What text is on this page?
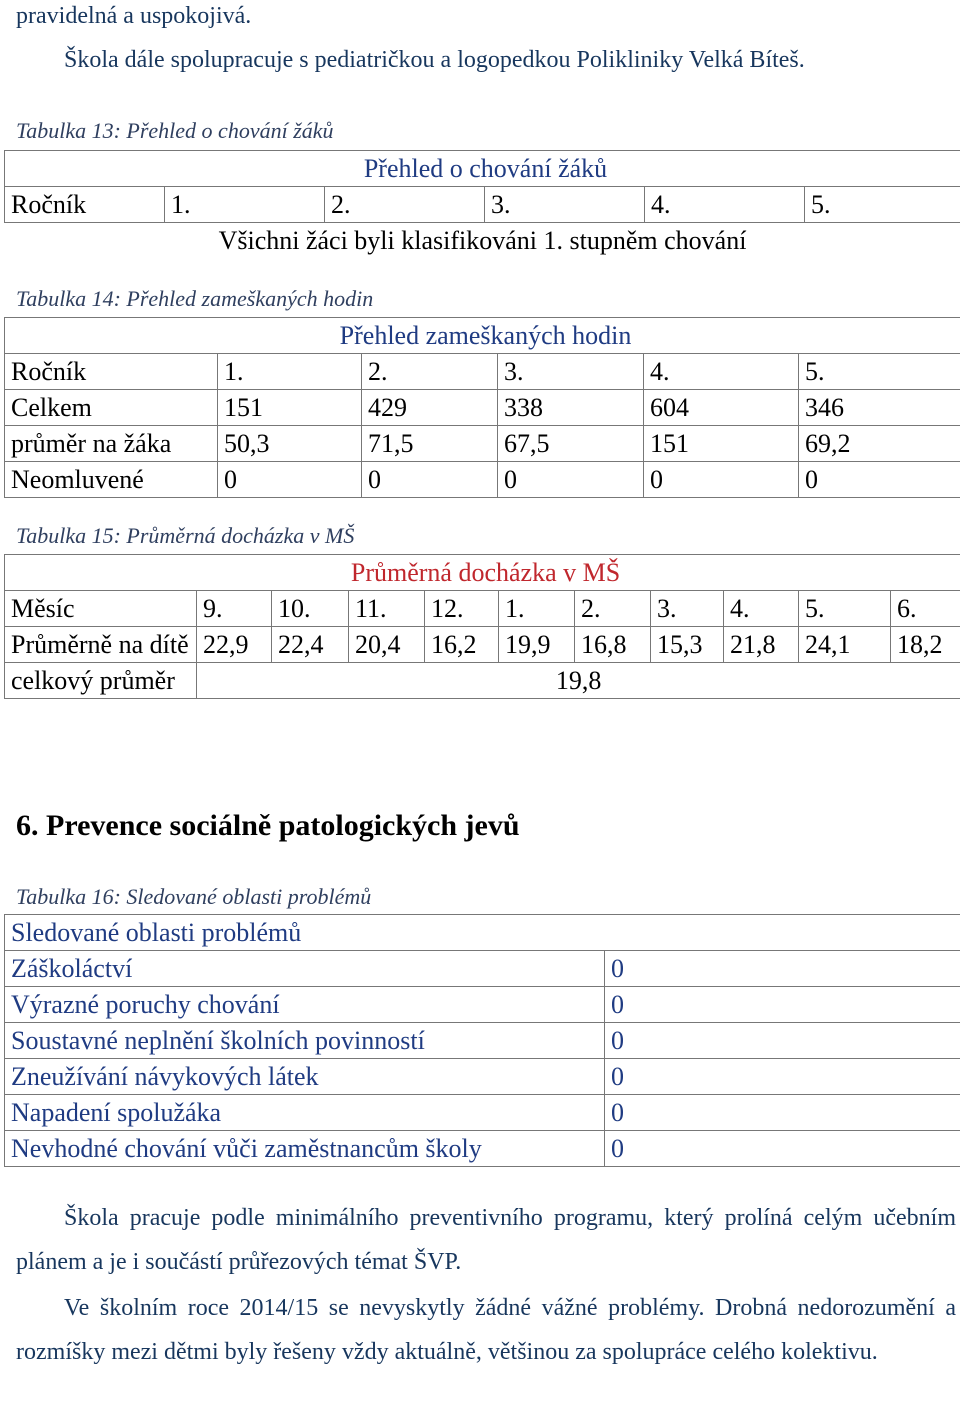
pravidelná a uspokojivá.
Škola dále spolupracuje s pediatričkou a logopedkou Polikliniky Velká Bíteš.
Tabulka 13: Přehled o chování žáků
Přehled o chování žáků
Ročník	1.	2.	3.	4.	5.
Všichni žáci byli klasifikováni 1. stupněm chování
Tabulka 14: Přehled zameškaných hodin
Přehled zameškaných hodin					
Ročník	1.	2.	3.	4.	5.
Celkem	151	429	338	604	346
průměr na žáka	50,3	71,5	67,5	151	69,2
Neomluvené	0	0	0	0	0
Tabulka 15: Průměrná docházka v MŠ
Průměrná docházka v MŠ										
Měsíc	9.	10.	11.	12.	1.	2.	3.	4.	5.	6.
Průměrně na dítě	22,9	22,4	20,4	16,2	19,9	16,8	15,3	21,8	24,1	18,2
celkový průměr	19,8									
6. Prevence sociálně patologických jevů
Tabulka 16: Sledované oblasti problémů
Sledované oblasti problémů	
Záškoláctví	0
Výrazné poruchy chování	0
Soustavné neplnění školních povinností	0
Zneužívání návykových látek	0
Napadení spolužáka	0
Nevhodné chování vůči zaměstnancům školy	0
Škola pracuje podle minimálního preventivního programu, který prolíná celým učebním plánem a je i součástí průřezových témat ŠVP.
Ve školním roce 2014/15 se nevyskytly žádné vážné problémy. Drobná nedorozumění a rozmíšky mezi dětmi byly řešeny vždy aktuálně, většinou za spolupráce celého kolektivu.
